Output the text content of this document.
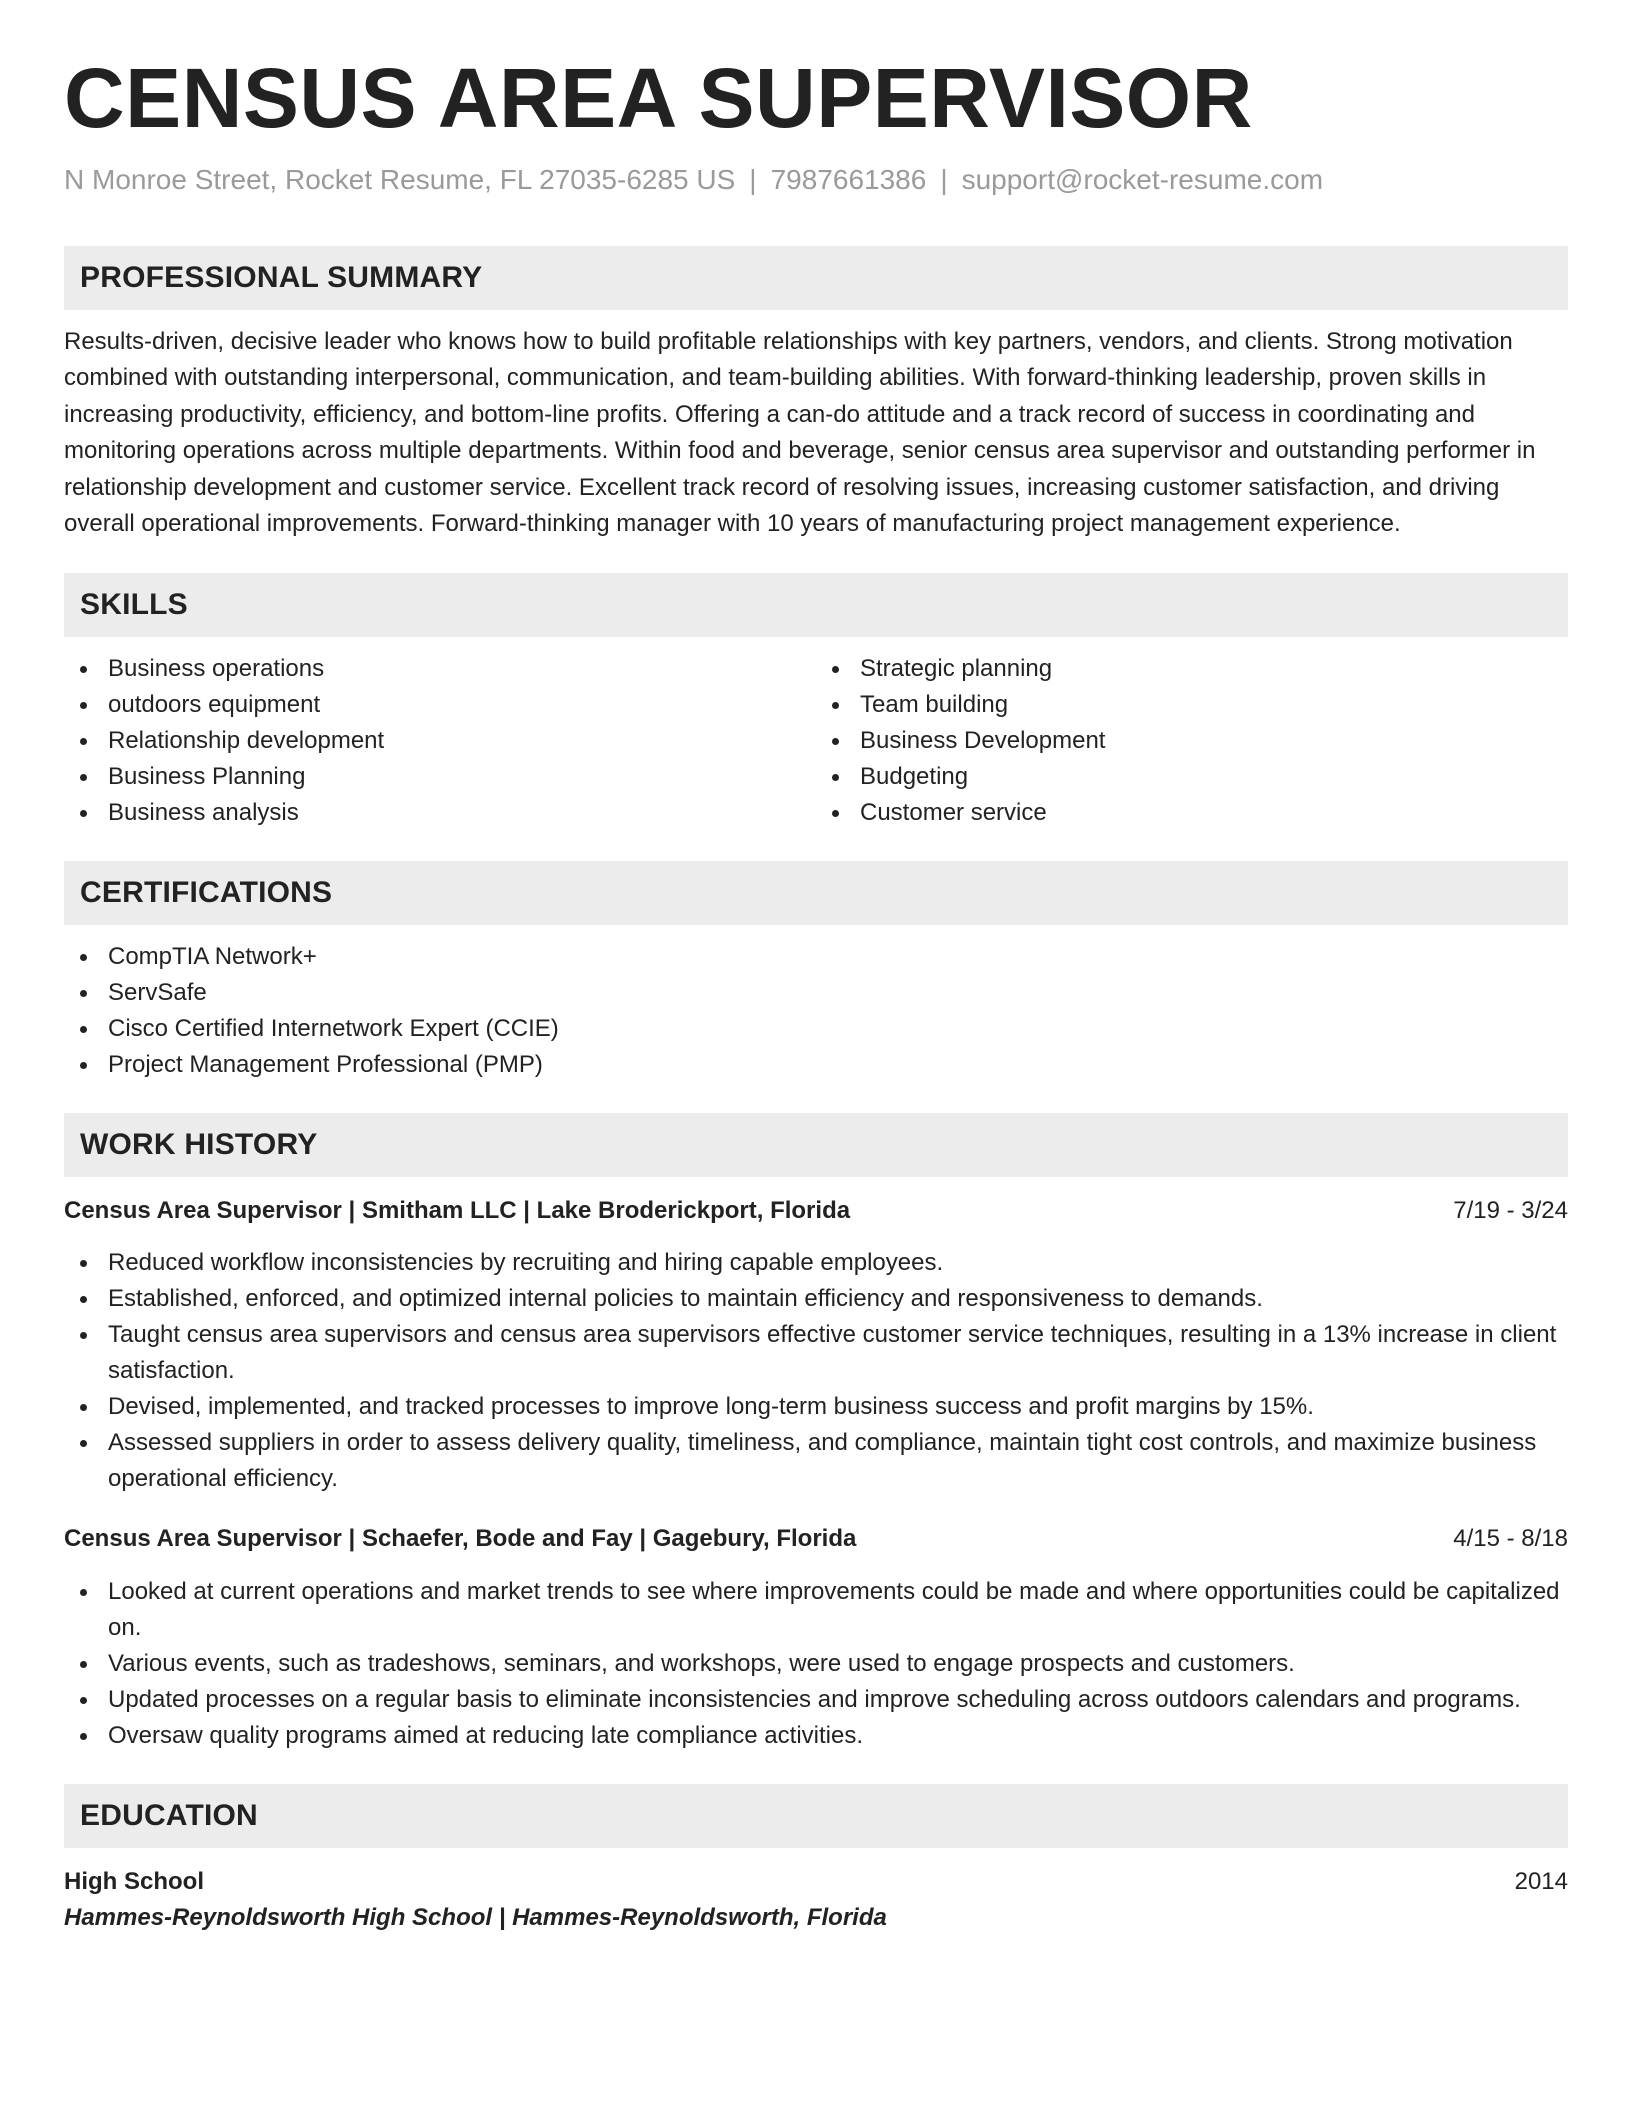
CENSUS AREA SUPERVISOR
N Monroe Street, Rocket Resume, FL 27035-6285 US | 7987661386 | support@rocket-resume.com
PROFESSIONAL SUMMARY

Results-driven, decisive leader who knows how to build profitable relationships with key partners, vendors, and clients. Strong motivation combined with outstanding interpersonal, communication, and team-building abilities. With forward-thinking leadership, proven skills in increasing productivity, efficiency, and bottom-line profits. Offering a can-do attitude and a track record of success in coordinating and monitoring operations across multiple departments. Within food and beverage, senior census area supervisor and outstanding performer in relationship development and customer service. Excellent track record of resolving issues, increasing customer satisfaction, and driving overall operational improvements. Forward-thinking manager with 10 years of manufacturing project management experience.

SKILLS
Business operations
outdoors equipment
Relationship development
Business Planning
Business analysis
Strategic planning
Team building
Business Development
Budgeting
Customer service
CERTIFICATIONS
CompTIA Network+
ServSafe
Cisco Certified Internetwork Expert (CCIE)
Project Management Professional (PMP)
WORK HISTORY
Census Area Supervisor | Smitham LLC | Lake Broderickport, Florida	7/19 - 3/24
Reduced workflow inconsistencies by recruiting and hiring capable employees.
Established, enforced, and optimized internal policies to maintain efficiency and responsiveness to demands.
Taught census area supervisors and census area supervisors effective customer service techniques, resulting in a 13% increase in client satisfaction.
Devised, implemented, and tracked processes to improve long-term business success and profit margins by 15%.
Assessed suppliers in order to assess delivery quality, timeliness, and compliance, maintain tight cost controls, and maximize business operational efficiency.
Census Area Supervisor | Schaefer, Bode and Fay | Gagebury, Florida	4/15 - 8/18
Looked at current operations and market trends to see where improvements could be made and where opportunities could be capitalized on.
Various events, such as tradeshows, seminars, and workshops, were used to engage prospects and customers.
Updated processes on a regular basis to eliminate inconsistencies and improve scheduling across outdoors calendars and programs.
Oversaw quality programs aimed at reducing late compliance activities.
EDUCATION
High School	2014
Hammes-Reynoldsworth High School | Hammes-Reynoldsworth, Florida
